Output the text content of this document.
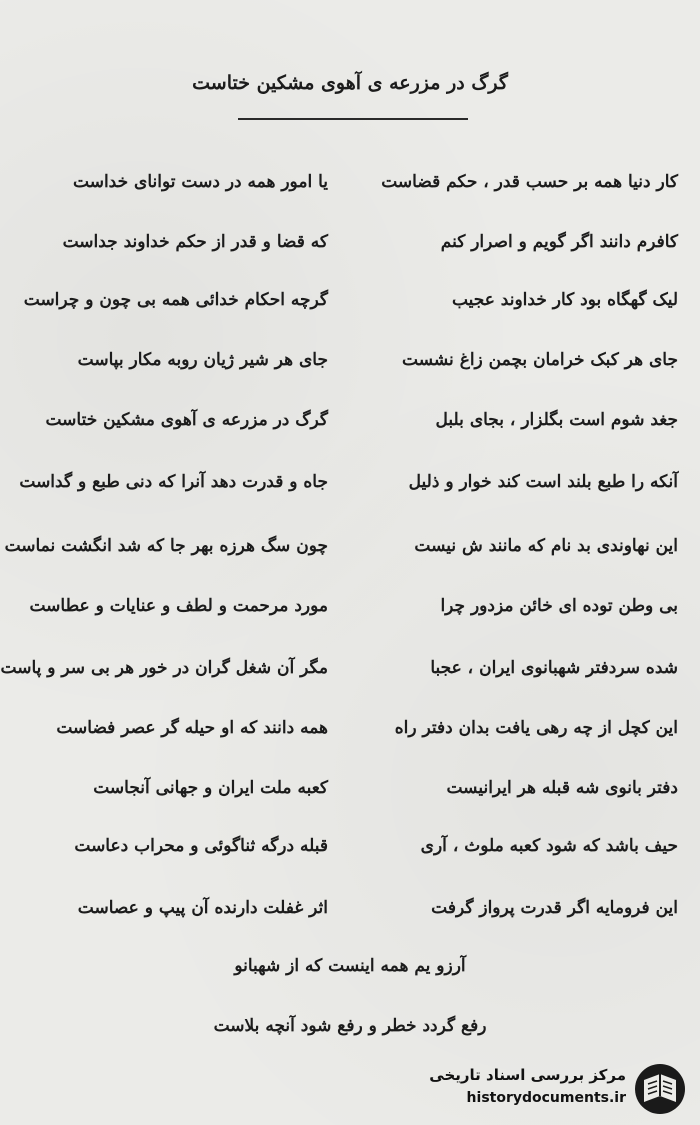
گرگ در مزرعه ی آهوی مشکین ختاست
کار دنیا همه بر حسب قدر ، حکم قضاست
یا امور همه در دست توانای خداست
کافرم دانند اگر گویم و اصرار کنم
که قضا و قدر از حکم خداوند جداست
لیک گهگاه بود کار خداوند عجیب
گرچه احکام خدائی همه بی چون و چراست
جای هر کبک خرامان بچمن زاغ نشست
جای هر شیر ژیان روبه مکار بپاست
جغد شوم است بگلزار ، بجای بلبل
گرگ در مزرعه ی آهوی مشکین ختاست
آنکه را طبع بلند است کند خوار و ذلیل
جاه و قدرت دهد آنرا که دنی طبع و گداست
این نهاوندی بد نام که مانند ش نیست
چون سگ هرزه بهر جا که شد انگشت نماست
بی وطن توده ای خائن مزدور چرا
مورد مرحمت و لطف و عنایات و عطاست
شده سردفتر شهبانوی ایران ، عجبا
مگر آن شغل گران در خور هر بی سر و پاست
این کچل از چه رهی یافت بدان دفتر راه
همه دانند که او حیله گر عصر فضاست
دفتر بانوی شه قبله هر ایرانیست
کعبه ملت ایران و جهانی آنجاست
حیف باشد که شود کعبه ملوث ، آری
قبله درگه ثناگوئی و محراب دعاست
این فرومایه اگر قدرت پرواز گرفت
اثر غفلت دارنده آن پیپ و عصاست
آرزو یم همه اینست که از شهبانو
رفع گردد خطر و رفع شود آنچه بلاست
مرکز بررسی اسناد تاریخی
historydocuments.ir
